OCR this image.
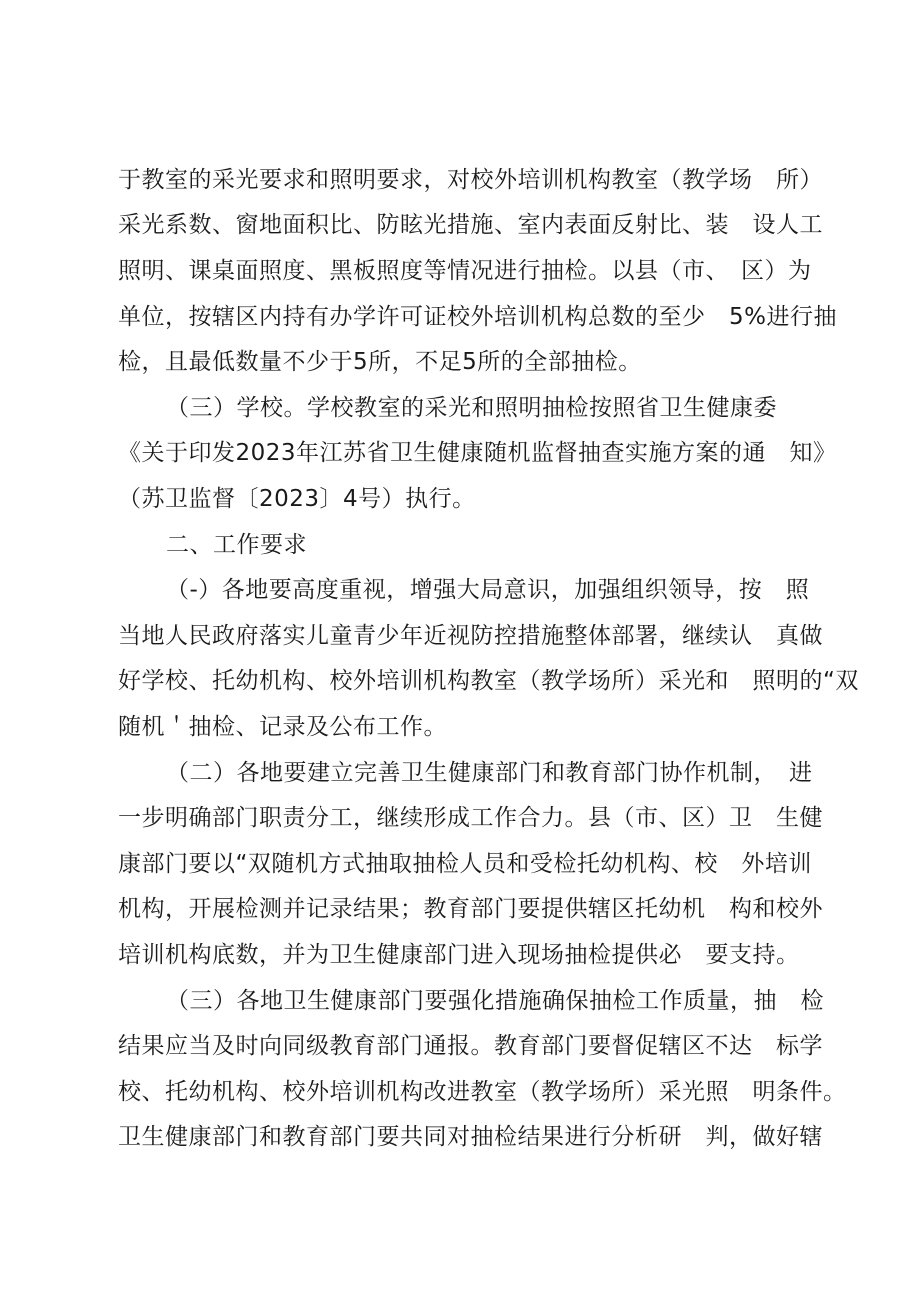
于教室的采光要求和照明要求，对校外培训机构教室（教学场　所）

采光系数、窗地面积比、防眩光措施、室内表面反射比、装　设人工

照明、课桌面照度、黑板照度等情况进行抽检。以县（市、　区）为

单位，按辖区内持有办学许可证校外培训机构总数的至少　5%进行抽

检，且最低数量不少于5所，不足5所的全部抽检。

（三）学校。学校教室的采光和照明抽检按照省卫生健康委

《关于印发2023年江苏省卫生健康随机监督抽查实施方案的通　知》

（苏卫监督〔2023〕4号）执行。

二、工作要求

（-）各地要高度重视，增强大局意识，加强组织领导，按　照

当地人民政府落实儿童青少年近视防控措施整体部署，继续认　真做

好学校、托幼机构、校外培训机构教室（教学场所）采光和　照明的“双

随机＇抽检、记录及公布工作。

（二）各地要建立完善卫生健康部门和教育部门协作机制，　进

一步明确部门职责分工，继续形成工作合力。县（市、区）卫　生健

康部门要以“双随机方式抽取抽检人员和受检托幼机构、校　外培训

机构，开展检测并记录结果；教育部门要提供辖区托幼机　构和校外

培训机构底数，并为卫生健康部门进入现场抽检提供必　要支持。

（三）各地卫生健康部门要强化措施确保抽检工作质量，抽　检

结果应当及时向同级教育部门通报。教育部门要督促辖区不达　标学

校、托幼机构、校外培训机构改进教室（教学场所）采光照　明条件。

卫生健康部门和教育部门要共同对抽检结果进行分析研　判，做好辖
